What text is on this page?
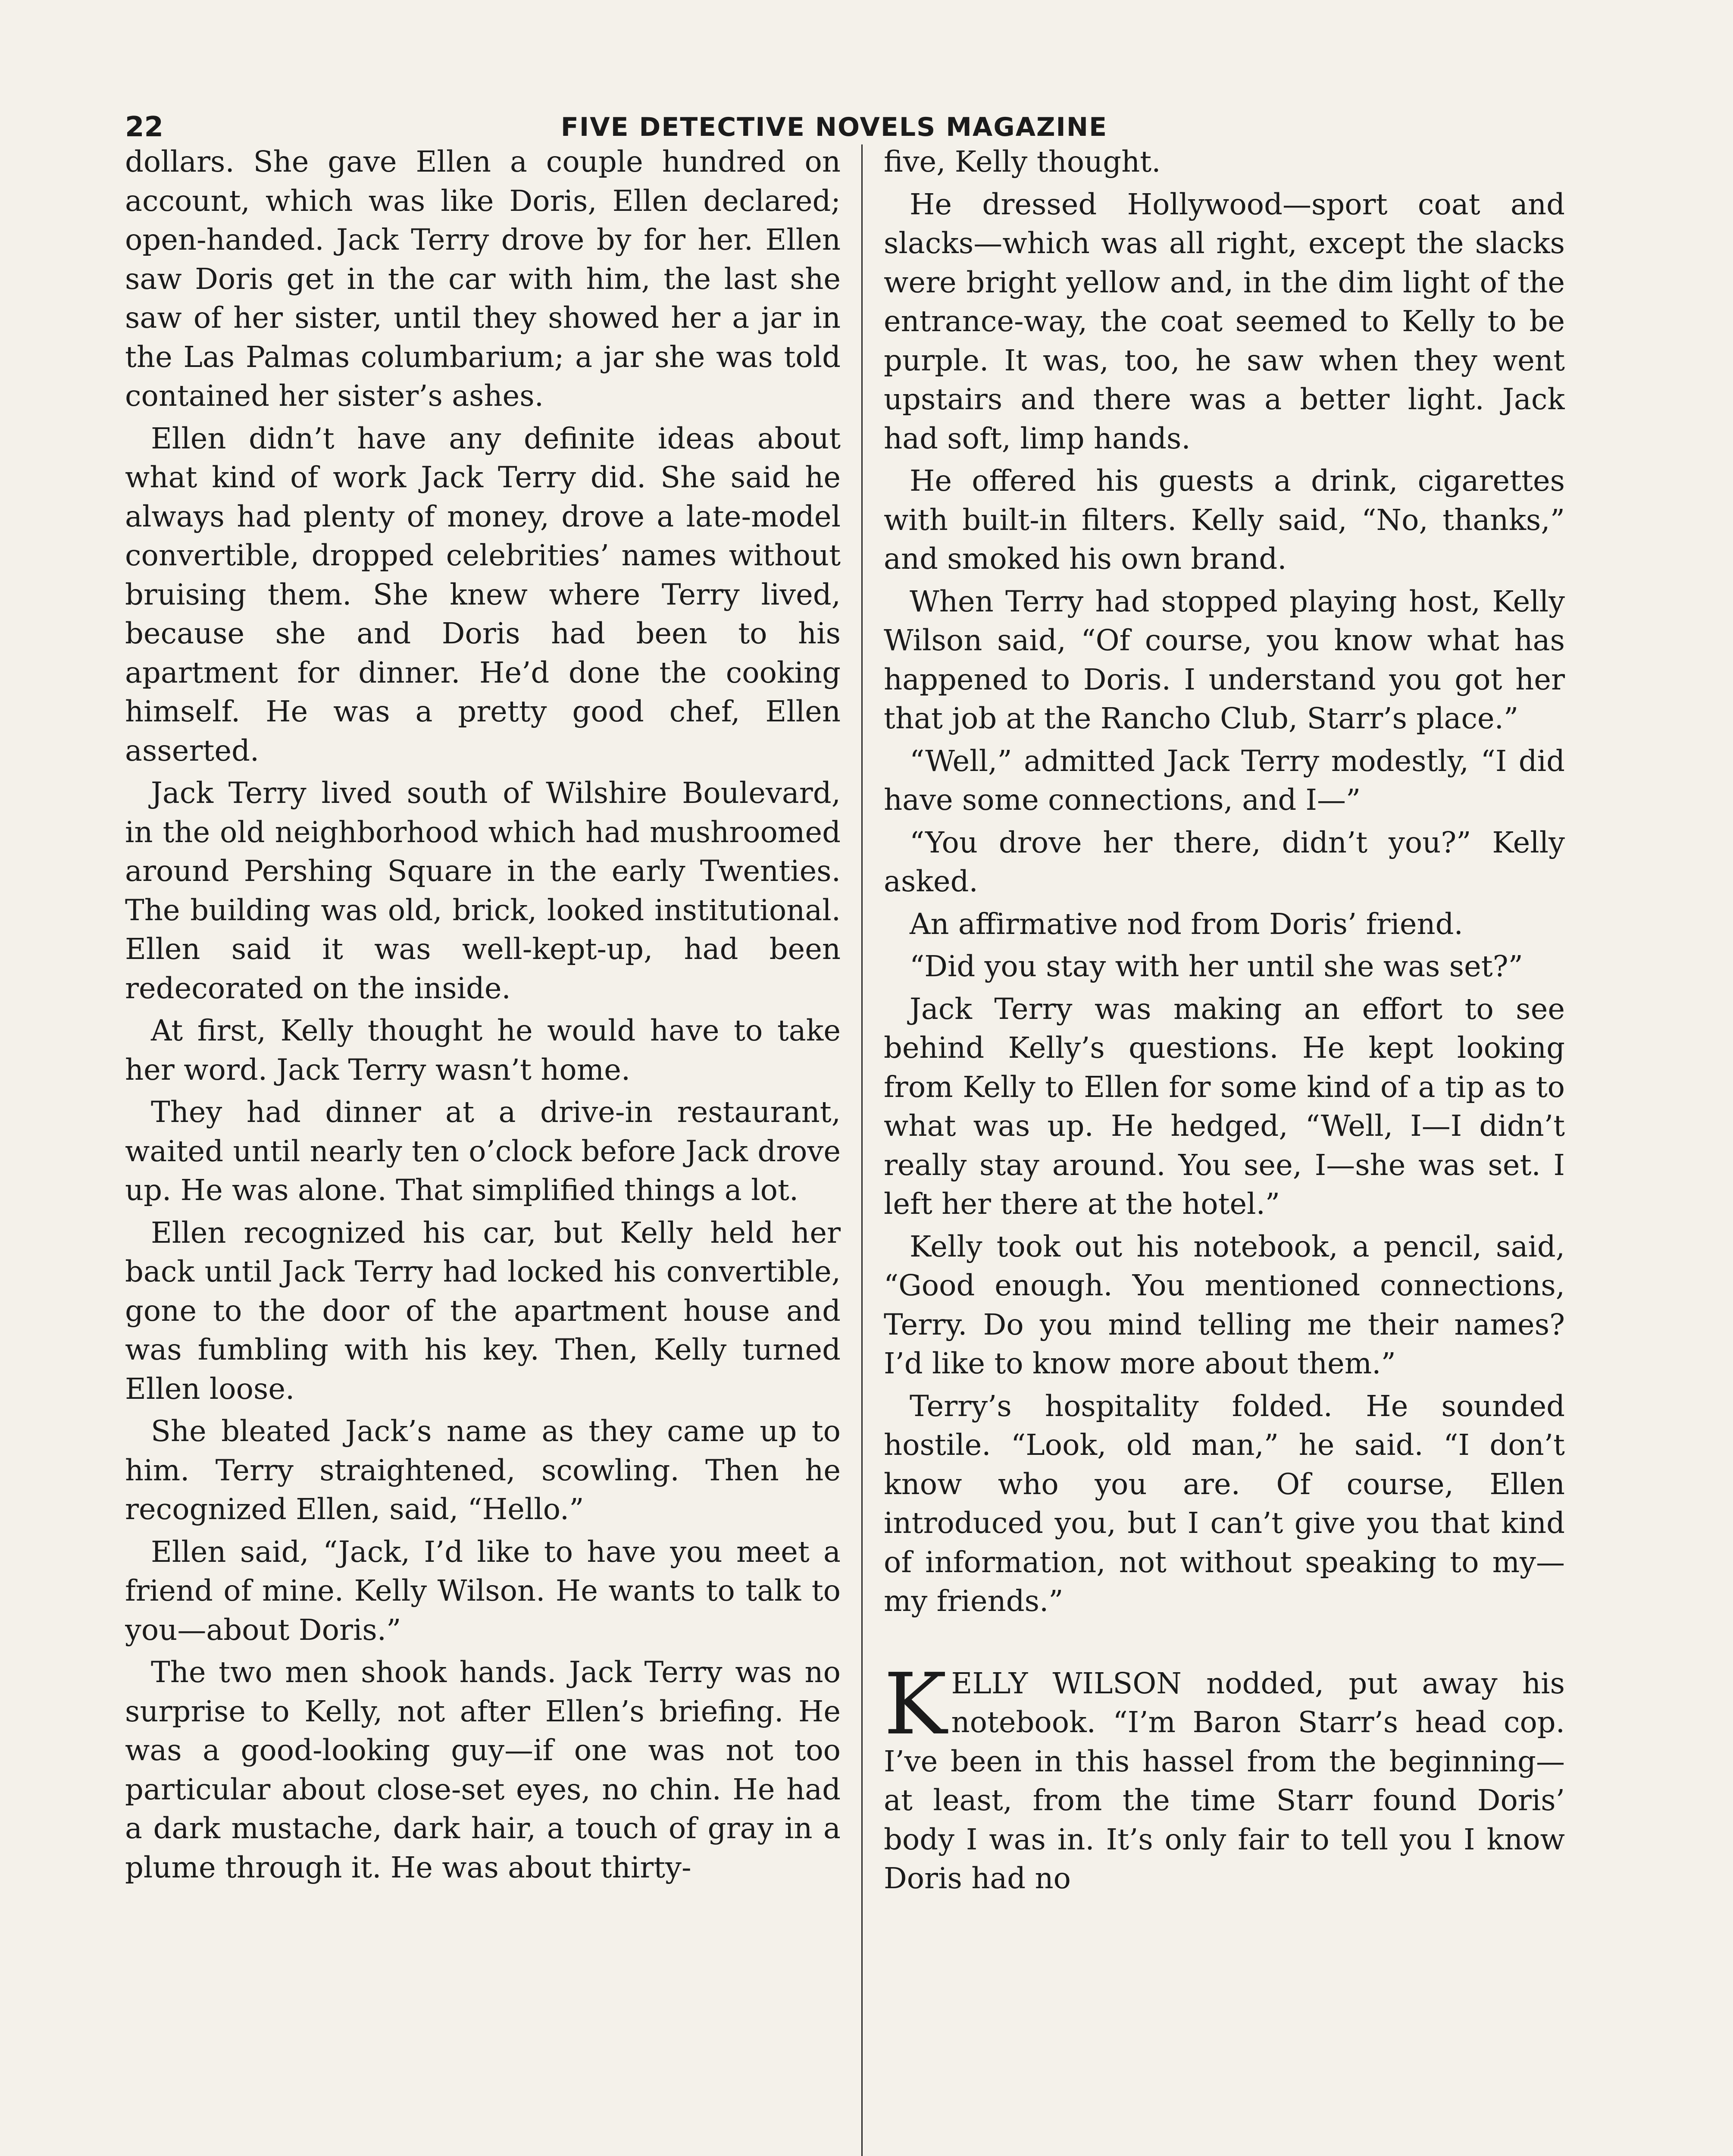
22	FIVE DETECTIVE NOVELS MAGAZINE

dollars. She gave Ellen a couple hundred on account, which was like Doris, Ellen declared; open-handed. Jack Terry drove by for her. Ellen saw Doris get in the car with him, the last she saw of her sister, until they showed her a jar in the Las Palmas columbarium; a jar she was told contained her sister’s ashes.

Ellen didn’t have any definite ideas about what kind of work Jack Terry did. She said he always had plenty of money, drove a late-model convertible, dropped celebrities’ names without bruising them. She knew where Terry lived, because she and Doris had been to his apartment for dinner. He’d done the cooking himself. He was a pretty good chef, Ellen asserted.

Jack Terry lived south of Wilshire Boulevard, in the old neighborhood which had mushroomed around Pershing Square in the early Twenties. The building was old, brick, looked institutional. Ellen said it was well-kept-up, had been redecorated on the inside.

At first, Kelly thought he would have to take her word. Jack Terry wasn’t home.

They had dinner at a drive-in restaurant, waited until nearly ten o’clock before Jack drove up. He was alone. That simplified things a lot.

Ellen recognized his car, but Kelly held her back until Jack Terry had locked his convertible, gone to the door of the apartment house and was fumbling with his key. Then, Kelly turned Ellen loose.

She bleated Jack’s name as they came up to him. Terry straightened, scowling. Then he recognized Ellen, said, “Hello.”

Ellen said, “Jack, I’d like to have you meet a friend of mine. Kelly Wilson. He wants to talk to you—about Doris.”

The two men shook hands. Jack Terry was no surprise to Kelly, not after Ellen’s briefing. He was a good-looking guy—if one was not too particular about close-set eyes, no chin. He had a dark mustache, dark hair, a touch of gray in a plume through it. He was about thirty-

five, Kelly thought.

He dressed Hollywood—sport coat and slacks—which was all right, except the slacks were bright yellow and, in the dim light of the entrance-way, the coat seemed to Kelly to be purple. It was, too, he saw when they went upstairs and there was a better light. Jack had soft, limp hands.

He offered his guests a drink, cigarettes with built-in filters. Kelly said, “No, thanks,” and smoked his own brand.

When Terry had stopped playing host, Kelly Wilson said, “Of course, you know what has happened to Doris. I understand you got her that job at the Rancho Club, Starr’s place.”

“Well,” admitted Jack Terry modestly, “I did have some connections, and I—”

“You drove her there, didn’t you?” Kelly asked.

An affirmative nod from Doris’ friend.

“Did you stay with her until she was set?”

Jack Terry was making an effort to see behind Kelly’s questions. He kept looking from Kelly to Ellen for some kind of a tip as to what was up. He hedged, “Well, I—I didn’t really stay around. You see, I—she was set. I left her there at the hotel.”

Kelly took out his notebook, a pencil, said, “Good enough. You mentioned connections, Terry. Do you mind telling me their names? I’d like to know more about them.”

Terry’s hospitality folded. He sounded hostile. “Look, old man,” he said. “I don’t know who you are. Of course, Ellen introduced you, but I can’t give you that kind of information, not without speaking to my—my friends.”

KELLY WILSON nodded, put away his notebook. “I’m Baron Starr’s head cop. I’ve been in this hassel from the beginning—at least, from the time Starr found Doris’ body I was in. It’s only fair to tell you I know Doris had no
